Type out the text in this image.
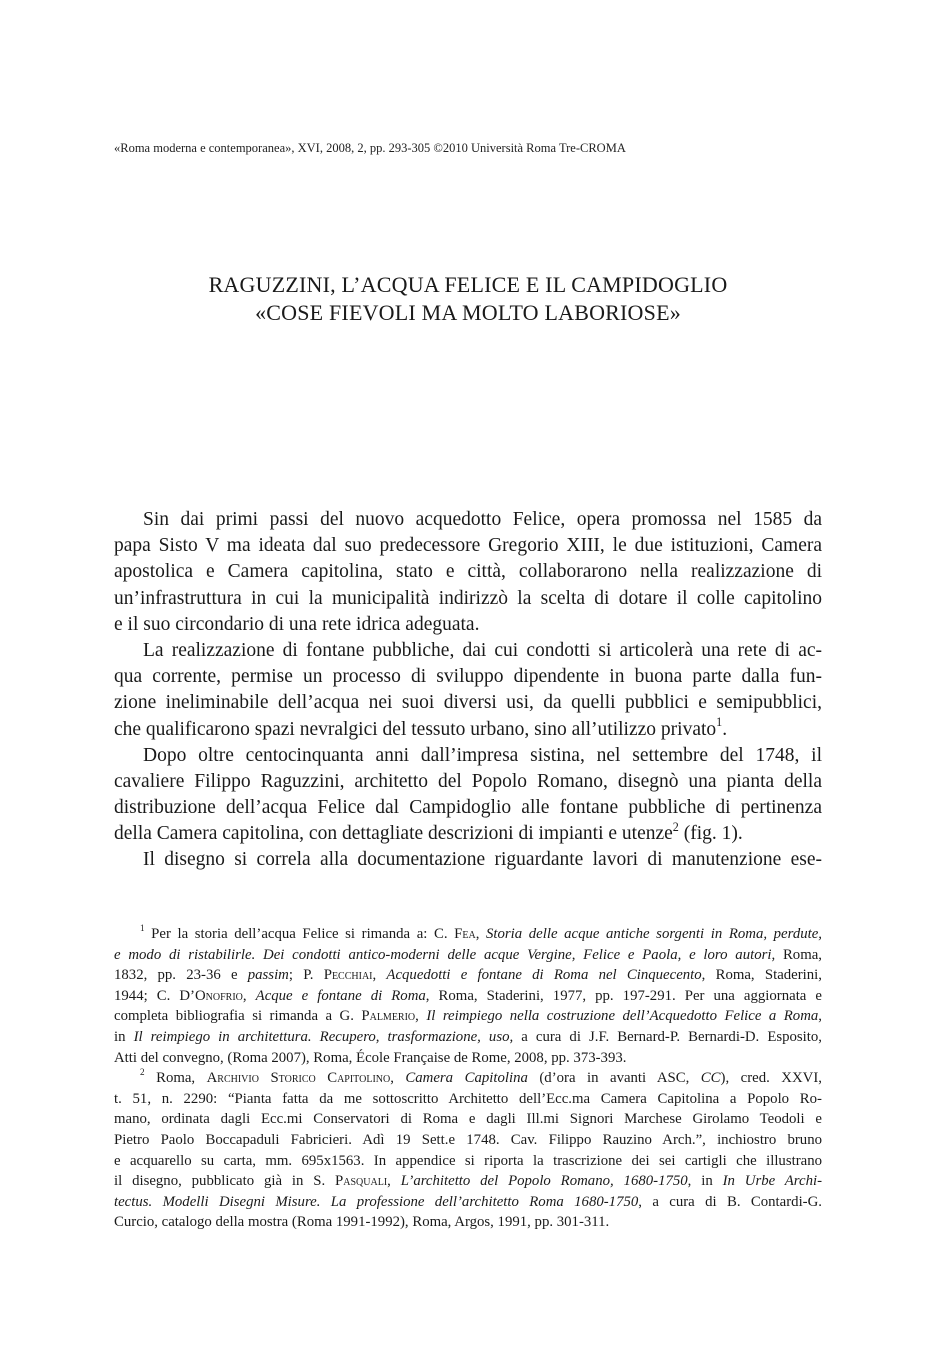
«Roma moderna e contemporanea», XVI, 2008, 2, pp. 293-305 ©2010 Università Roma Tre-CROMA
RAGUZZINI, L’ACQUA FELICE E IL CAMPIDOGLIO
«COSE FIEVOLI MA MOLTO LABORIOSE»
Sin dai primi passi del nuovo acquedotto Felice, opera promossa nel 1585 da
papa Sisto V ma ideata dal suo predecessore Gregorio XIII, le due istituzioni, Camera
apostolica e Camera capitolina, stato e città, collaborarono nella realizzazione di
un’infrastruttura in cui la municipalità indirizzò la scelta di dotare il colle capitolino
e il suo circondario di una rete idrica adeguata.
La realizzazione di fontane pubbliche, dai cui condotti si articolerà una rete di ac-
qua corrente, permise un processo di sviluppo dipendente in buona parte dalla fun-
zione ineliminabile dell’acqua nei suoi diversi usi, da quelli pubblici e semipubblici,
che qualificarono spazi nevralgici del tessuto urbano, sino all’utilizzo privato$^1$.
Dopo oltre centocinquanta anni dall’impresa sistina, nel settembre del 1748, il
cavaliere Filippo Raguzzini, architetto del Popolo Romano, disegnò una pianta della
distribuzione dell’acqua Felice dal Campidoglio alle fontane pubbliche di pertinenza
della Camera capitolina, con dettagliate descrizioni di impianti e utenze$^2$ (fig. 1).
Il disegno si correla alla documentazione riguardante lavori di manutenzione ese-
$^1$ Per la storia dell’acqua Felice si rimanda a: C. Fea, Storia delle acque antiche sorgenti in Roma, perdute,
e modo di ristabilirle. Dei condotti antico-moderni delle acque Vergine, Felice e Paola, e loro autori, Roma,
1832, pp. 23-36 e passim; P. Pecchiai, Acquedotti e fontane di Roma nel Cinquecento, Roma, Staderini,
1944; C. D’Onofrio, Acque e fontane di Roma, Roma, Staderini, 1977, pp. 197-291. Per una aggiornata e
completa bibliografia si rimanda a G. Palmerio, Il reimpiego nella costruzione dell’Acquedotto Felice a Roma,
in Il reimpiego in architettura. Recupero, trasformazione, uso, a cura di J.F. Bernard-P. Bernardi-D. Esposito,
Atti del convegno, (Roma 2007), Roma, École Française de Rome, 2008, pp. 373-393.
$^2$ Roma, Archivio Storico Capitolino, Camera Capitolina (d’ora in avanti ASC, CC), cred. XXVI,
t. 51, n. 2290: “Pianta fatta da me sottoscritto Architetto dell’Ecc.ma Camera Capitolina a Popolo Ro-
mano, ordinata dagli Ecc.mi Conservatori di Roma e dagli Ill.mi Signori Marchese Girolamo Teodoli e
Pietro Paolo Boccapaduli Fabricieri. Adì 19 Sett.e 1748. Cav. Filippo Rauzino Arch.”, inchiostro bruno
e acquarello su carta, mm. 695x1563. In appendice si riporta la trascrizione dei sei cartigli che illustrano
il disegno, pubblicato già in S. Pasquali, L’architetto del Popolo Romano, 1680-1750, in In Urbe Archi-
tectus. Modelli Disegni Misure. La professione dell’architetto Roma 1680-1750, a cura di B. Contardi-G.
Curcio, catalogo della mostra (Roma 1991-1992), Roma, Argos, 1991, pp. 301-311.
